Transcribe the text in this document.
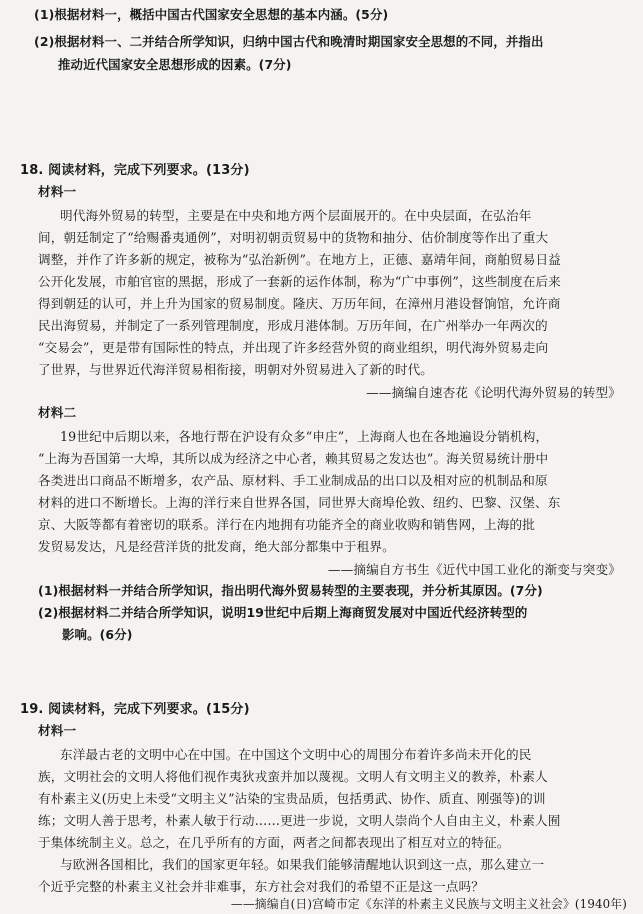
(1)根据材料一，概括中国古代国家安全思想的基本内涵。(5分)
(2)根据材料一、二并结合所学知识，归纳中国古代和晚清时期国家安全思想的不同，并指出
推动近代国家安全思想形成的因素。(7分)
18. 阅读材料，完成下列要求。(13分)
材料一
明代海外贸易的转型，主要是在中央和地方两个层面展开的。在中央层面，在弘治年
间，朝廷制定了“给赐番夷通例”，对明初朝贡贸易中的货物和抽分、估价制度等作出了重大
调整，并作了许多新的规定，被称为“弘治新例”。在地方上，正德、嘉靖年间，商舶贸易日益
公开化发展，市舶官宦的黑据，形成了一套新的运作体制，称为“广中事例”，这些制度在后来
得到朝廷的认可，并上升为国家的贸易制度。隆庆、万历年间，在漳州月港设督饷馆，允许商
民出海贸易，并制定了一系列管理制度，形成月港体制。万历年间，在广州举办一年两次的
“交易会”，更是带有国际性的特点，并出现了许多经营外贸的商业组织，明代海外贸易走向
了世界，与世界近代海洋贸易相衔接，明朝对外贸易进入了新的时代。
——摘编自速杏花《论明代海外贸易的转型》
材料二
19世纪中后期以来，各地行帮在沪设有众多“申庄”，上海商人也在各地遍设分销机构，
“上海为吾国第一大埠，其所以成为经济之中心者，赖其贸易之发达也”。海关贸易统计册中
各类进出口商品不断增多，农产品、原材料、手工业制成品的出口以及相对应的机制品和原
材料的进口不断增长。上海的洋行来自世界各国，同世界大商埠伦敦、纽约、巴黎、汉堡、东
京、大阪等都有着密切的联系。洋行在内地拥有功能齐全的商业收购和销售网，上海的批
发贸易发达，凡是经营洋货的批发商，绝大部分都集中于租界。
——摘编自方书生《近代中国工业化的渐变与突变》
(1)根据材料一并结合所学知识，指出明代海外贸易转型的主要表现，并分析其原因。(7分)
(2)根据材料二并结合所学知识，说明19世纪中后期上海商贸发展对中国近代经济转型的
影响。(6分)
19. 阅读材料，完成下列要求。(15分)
材料一
东洋最古老的文明中心在中国。在中国这个文明中心的周围分布着许多尚未开化的民
族，文明社会的文明人将他们视作夷狄戎蛮并加以蔑视。文明人有文明主义的教养，朴素人
有朴素主义(历史上未受“文明主义”沾染的宝贵品质，包括勇武、协作、质直、刚强等)的训
练；文明人善于思考，朴素人敏于行动……更进一步说，文明人崇尚个人自由主义，朴素人囿
于集体统制主义。总之，在几乎所有的方面，两者之间都表现出了相互对立的特征。
与欧洲各国相比，我们的国家更年轻。如果我们能够清醒地认识到这一点，那么建立一
个近乎完整的朴素主义社会并非难事，东方社会对我们的希望不正是这一点吗？
——摘编自(日)宫崎市定《东洋的朴素主义民族与文明主义社会》(1940年)
